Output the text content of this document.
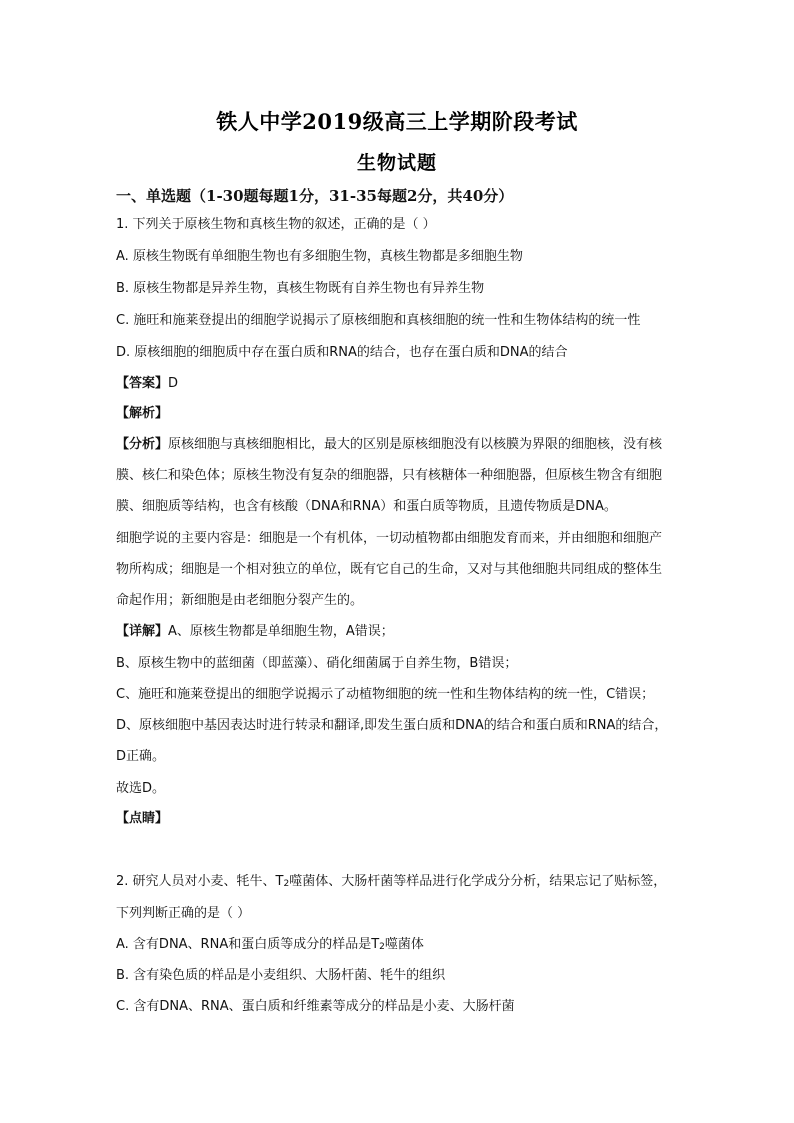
铁人中学2019级高三上学期阶段考试
生物试题
一、单选题（1-30题每题1分，31-35每题2分，共40分）
1. 下列关于原核生物和真核生物的叙述，正确的是（ ）
A. 原核生物既有单细胞生物也有多细胞生物，真核生物都是多细胞生物
B. 原核生物都是异养生物，真核生物既有自养生物也有异养生物
C. 施旺和施莱登提出的细胞学说揭示了原核细胞和真核细胞的统一性和生物体结构的统一性
D. 原核细胞的细胞质中存在蛋白质和RNA的结合，也存在蛋白质和DNA的结合
【答案】D
【解析】
【分析】原核细胞与真核细胞相比，最大的区别是原核细胞没有以核膜为界限的细胞核，没有核
膜、核仁和染色体；原核生物没有复杂的细胞器，只有核糖体一种细胞器，但原核生物含有细胞
膜、细胞质等结构，也含有核酸（DNA和RNA）和蛋白质等物质，且遗传物质是DNA。
细胞学说的主要内容是：细胞是一个有机体，一切动植物都由细胞发育而来，并由细胞和细胞产
物所构成；细胞是一个相对独立的单位，既有它自己的生命，又对与其他细胞共同组成的整体生
命起作用；新细胞是由老细胞分裂产生的。
【详解】A、原核生物都是单细胞生物，A错误；
B、原核生物中的蓝细菌（即蓝藻）、硝化细菌属于自养生物，B错误；
C、施旺和施莱登提出的细胞学说揭示了动植物细胞的统一性和生物体结构的统一性，C错误；
D、原核细胞中基因表达时进行转录和翻译,即发生蛋白质和DNA的结合和蛋白质和RNA的结合，
D正确。
故选D。
【点睛】
2. 研究人员对小麦、牦牛、T2噬菌体、大肠杆菌等样品进行化学成分分析，结果忘记了贴标签，
下列判断正确的是（ ）
A. 含有DNA、RNA和蛋白质等成分的样品是T2噬菌体
B. 含有染色质的样品是小麦组织、大肠杆菌、牦牛的组织
C. 含有DNA、RNA、蛋白质和纤维素等成分的样品是小麦、大肠杆菌
